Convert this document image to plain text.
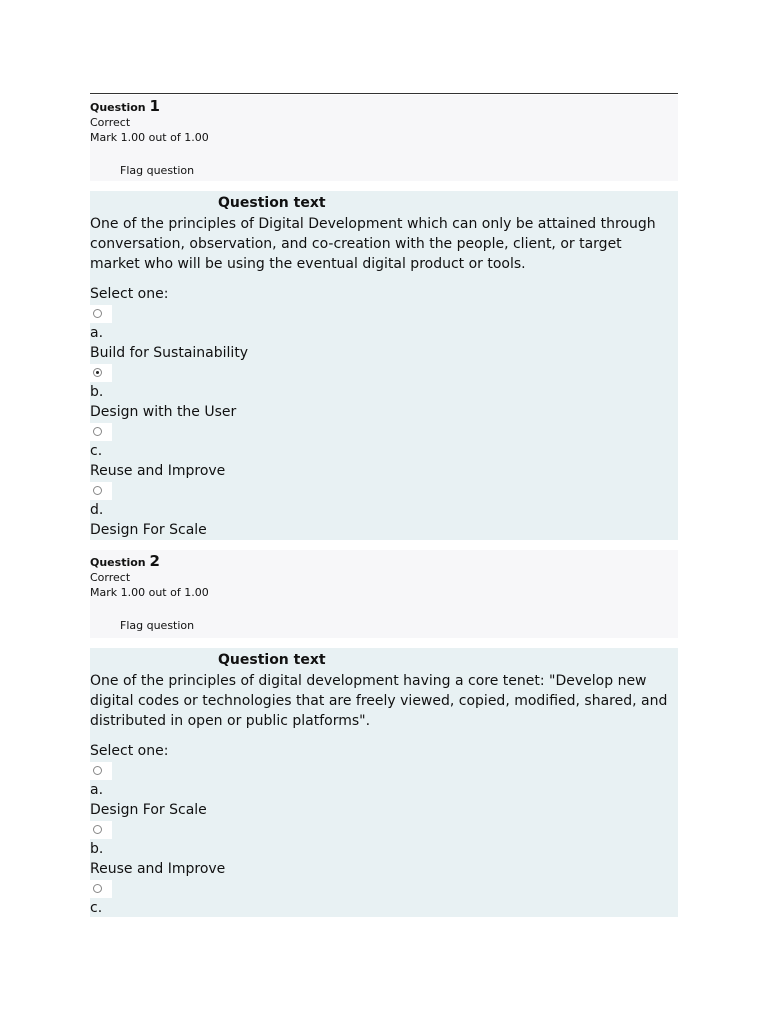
Question 1
Correct
Mark 1.00 out of 1.00
Flag question
Question text

One of the principles of Digital Development which can only be attained through conversation, observation, and co-creation with the people, client, or target market who will be using the eventual digital product or tools.

Select one:
a.
Build for Sustainability
b.
Design with the User
c.
Reuse and Improve
d.
Design For Scale
Question 2
Correct
Mark 1.00 out of 1.00
Flag question
Question text

One of the principles of digital development having a core tenet: "Develop new digital codes or technologies that are freely viewed, copied, modified, shared, and distributed in open or public platforms".

Select one:
a.
Design For Scale
b.
Reuse and Improve
c.
